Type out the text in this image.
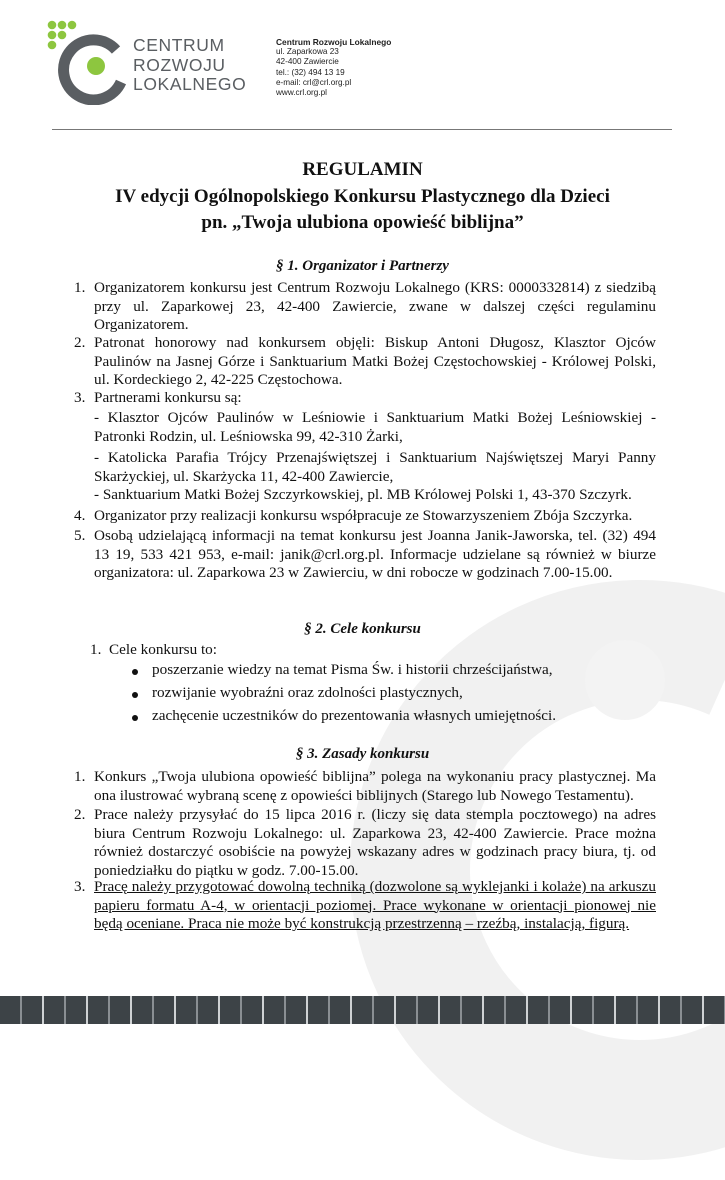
CENTRUM
ROZWOJU
LOKALNEGO
Centrum Rozwoju Lokalnego
ul. Zaparkowa 23
42-400 Zawiercie
tel.: (32) 494 13 19
e-mail: crl@crl.org.pl
www.crl.org.pl
REGULAMIN
IV edycji Ogólnopolskiego Konkursu Plastycznego dla Dzieci
pn. „Twoja ulubiona opowieść biblijna”
§ 1. Organizator i Partnerzy
1. Organizatorem konkursu jest Centrum Rozwoju Lokalnego (KRS: 0000332814) z siedzibą przy ul. Zaparkowej 23, 42-400 Zawiercie, zwane w dalszej części regulaminu Organizatorem.
2. Patronat honorowy nad konkursem objęli: Biskup Antoni Długosz, Klasztor Ojców Paulinów na Jasnej Górze i Sanktuarium Matki Bożej Częstochowskiej - Królowej Polski, ul. Kordeckiego 2, 42-225 Częstochowa.
3. Partnerami konkursu są:
- Klasztor Ojców Paulinów w Leśniowie i Sanktuarium Matki Bożej Leśniowskiej - Patronki Rodzin, ul. Leśniowska 99, 42-310 Żarki,
- Katolicka Parafia Trójcy Przenajświętszej i Sanktuarium Najświętszej Maryi Panny Skarżyckiej, ul. Skarżycka 11, 42-400 Zawiercie,
- Sanktuarium Matki Bożej Szczyrkowskiej, pl. MB Królowej Polski 1, 43-370 Szczyrk.
4. Organizator przy realizacji konkursu współpracuje ze Stowarzyszeniem Zbója Szczyrka.
5. Osobą udzielającą informacji na temat konkursu jest Joanna Janik-Jaworska, tel. (32) 494 13 19, 533 421 953, e-mail: janik@crl.org.pl. Informacje udzielane są również w biurze organizatora: ul. Zaparkowa 23 w Zawierciu, w dni robocze w godzinach 7.00-15.00.
§ 2. Cele konkursu
1. Cele konkursu to:
poszerzanie wiedzy na temat Pisma Św. i historii chrześcijaństwa,
rozwijanie wyobraźni oraz zdolności plastycznych,
zachęcenie uczestników do prezentowania własnych umiejętności.
§ 3. Zasady konkursu
1. Konkurs „Twoja ulubiona opowieść biblijna” polega na wykonaniu pracy plastycznej. Ma ona ilustrować wybraną scenę z opowieści biblijnych (Starego lub Nowego Testamentu).
2. Prace należy przysyłać do 15 lipca 2016 r. (liczy się data stempla pocztowego) na adres biura Centrum Rozwoju Lokalnego: ul. Zaparkowa 23, 42-400 Zawiercie. Prace można również dostarczyć osobiście na powyżej wskazany adres w godzinach pracy biura, tj. od poniedziałku do piątku w godz. 7.00-15.00.
3. Pracę należy przygotować dowolną techniką (dozwolone są wyklejanki i kolaże) na arkuszu papieru formatu A-4, w orientacji poziomej. Prace wykonane w orientacji pionowej nie będą oceniane. Praca nie może być konstrukcją przestrzenną – rzeźbą, instalacją, figurą.
